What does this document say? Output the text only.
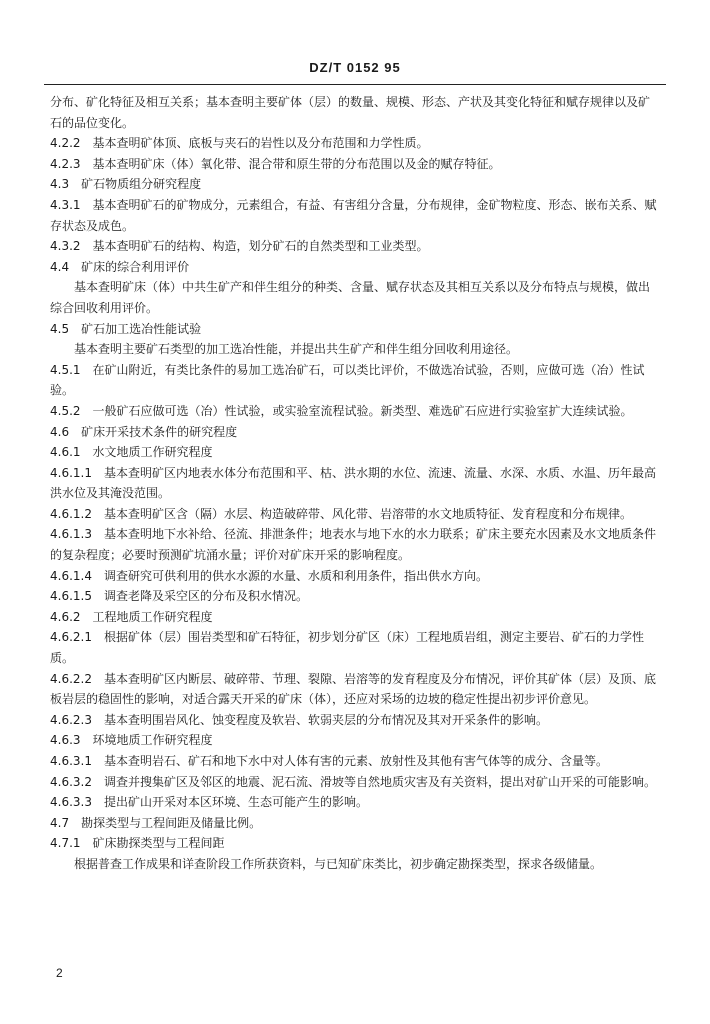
DZ/T 0152 95

分布、矿化特征及相互关系；基本查明主要矿体（层）的数量、规模、形态、产状及其变化特征和赋存规律以及矿石的品位变化。

4.2.2　基本查明矿体顶、底板与夹石的岩性以及分布范围和力学性质。

4.2.3　基本查明矿床（体）氧化带、混合带和原生带的分布范围以及金的赋存特征。

4.3　矿石物质组分研究程度

4.3.1　基本查明矿石的矿物成分，元素组合，有益、有害组分含量，分布规律，金矿物粒度、形态、嵌布关系、赋存状态及成色。

4.3.2　基本查明矿石的结构、构造，划分矿石的自然类型和工业类型。

4.4　矿床的综合利用评价

基本查明矿床（体）中共生矿产和伴生组分的种类、含量、赋存状态及其相互关系以及分布特点与规模，做出综合回收利用评价。

4.5　矿石加工选冶性能试验

基本查明主要矿石类型的加工选冶性能，并提出共生矿产和伴生组分回收利用途径。

4.5.1　在矿山附近，有类比条件的易加工选冶矿石，可以类比评价，不做选冶试验，否则，应做可选（冶）性试验。

4.5.2　一般矿石应做可选（冶）性试验，或实验室流程试验。新类型、难选矿石应进行实验室扩大连续试验。

4.6　矿床开采技术条件的研究程度

4.6.1　水文地质工作研究程度

4.6.1.1　基本查明矿区内地表水体分布范围和平、枯、洪水期的水位、流速、流量、水深、水质、水温、历年最高洪水位及其淹没范围。

4.6.1.2　基本查明矿区含（隔）水层、构造破碎带、风化带、岩溶带的水文地质特征、发育程度和分布规律。

4.6.1.3　基本查明地下水补给、径流、排泄条件；地表水与地下水的水力联系；矿床主要充水因素及水文地质条件的复杂程度；必要时预测矿坑涌水量；评价对矿床开采的影响程度。

4.6.1.4　调查研究可供利用的供水水源的水量、水质和利用条件，指出供水方向。

4.6.1.5　调查老降及采空区的分布及积水情况。

4.6.2　工程地质工作研究程度

4.6.2.1　根据矿体（层）围岩类型和矿石特征，初步划分矿区（床）工程地质岩组，测定主要岩、矿石的力学性质。

4.6.2.2　基本查明矿区内断层、破碎带、节理、裂隙、岩溶等的发育程度及分布情况，评价其矿体（层）及顶、底板岩层的稳固性的影响，对适合露天开采的矿床（体），还应对采场的边坡的稳定性提出初步评价意见。

4.6.2.3　基本查明围岩风化、蚀变程度及软岩、软弱夹层的分布情况及其对开采条件的影响。

4.6.3　环境地质工作研究程度

4.6.3.1　基本查明岩石、矿石和地下水中对人体有害的元素、放射性及其他有害气体等的成分、含量等。

4.6.3.2　调查并搜集矿区及邻区的地震、泥石流、滑坡等自然地质灾害及有关资料，提出对矿山开采的可能影响。

4.6.3.3　提出矿山开采对本区环境、生态可能产生的影响。

4.7　勘探类型与工程间距及储量比例。

4.7.1　矿床勘探类型与工程间距

根据普查工作成果和详查阶段工作所获资料，与已知矿床类比，初步确定勘探类型，探求各级储量。

2
